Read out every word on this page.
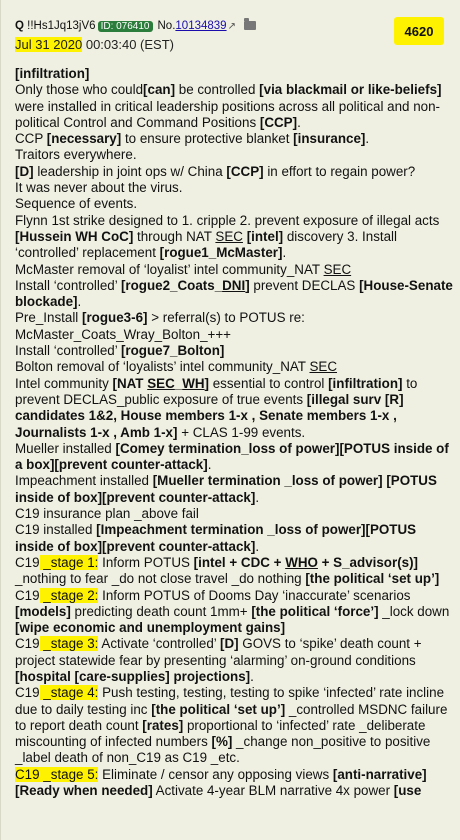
Q !!Hs1Jq13jV6 ID: 076410 No.10134839↗
Jul 31 2020 00:03:40 (EST)
4620

[infiltration]

Only those who could[can] be controlled [via blackmail or like-beliefs] were installed in critical leadership positions across all political and non-political Control and Command Positions [CCP].

CCP [necessary] to ensure protective blanket [insurance].

Traitors everywhere.

[D] leadership in joint ops w/ China [CCP] in effort to regain power?

It was never about the virus.

Sequence of events.

Flynn 1st strike designed to 1. cripple 2. prevent exposure of illegal acts [Hussein WH CoC] through NAT SEC [intel] discovery 3. Install ‘controlled’ replacement [rogue1_McMaster].

McMaster removal of ‘loyalist’ intel community_NAT SEC

Install ‘controlled’ [rogue2_Coats_DNI] prevent DECLAS [House-Senate blockade].

Pre_Install [rogue3-6] > referral(s) to POTUS re:

McMaster_Coats_Wray_Bolton_+++

Install ‘controlled’ [rogue7_Bolton]

Bolton removal of ‘loyalists’ intel community_NAT SEC

Intel community [NAT SEC_WH] essential to control [infiltration] to prevent DECLAS_public exposure of true events [illegal surv [R] candidates 1&2, House members 1-x , Senate members 1-x , Journalists 1-x , Amb 1-x] + CLAS 1-99 events.

Mueller installed [Comey termination_loss of power][POTUS inside of a box][prevent counter-attack].

Impeachment installed [Mueller termination _loss of power] [POTUS inside of box][prevent counter-attack].

C19 insurance plan _above fail

C19 installed [Impeachment termination _loss of power][POTUS inside of box][prevent counter-attack].

C19 _stage 1: Inform POTUS [intel + CDC + WHO + S_advisor(s)] _nothing to fear _do not close travel _do nothing [the political ‘set up’]

C19 _stage 2: Inform POTUS of Dooms Day ‘inaccurate’ scenarios [models] predicting death count 1mm+ [the political ‘force’] _lock down [wipe economic and unemployment gains]

C19 _stage 3: Activate ‘controlled’ [D] GOVS to ‘spike’ death count + project statewide fear by presenting ‘alarming’ on-ground conditions [hospital [care-supplies] projections].

C19 _stage 4: Push testing, testing, testing to spike ‘infected’ rate incline due to daily testing inc [the political ‘set up’] _controlled MSDNC failure to report death count [rates] proportional to ‘infected’ rate _deliberate miscounting of infected numbers [%] _change non_positive to positive _label death of non_C19 as C19 _etc.

C19 _stage 5: Eliminate / censor any opposing views [anti-narrative]

[Ready when needed] Activate 4-year BLM narrative 4x power [use
